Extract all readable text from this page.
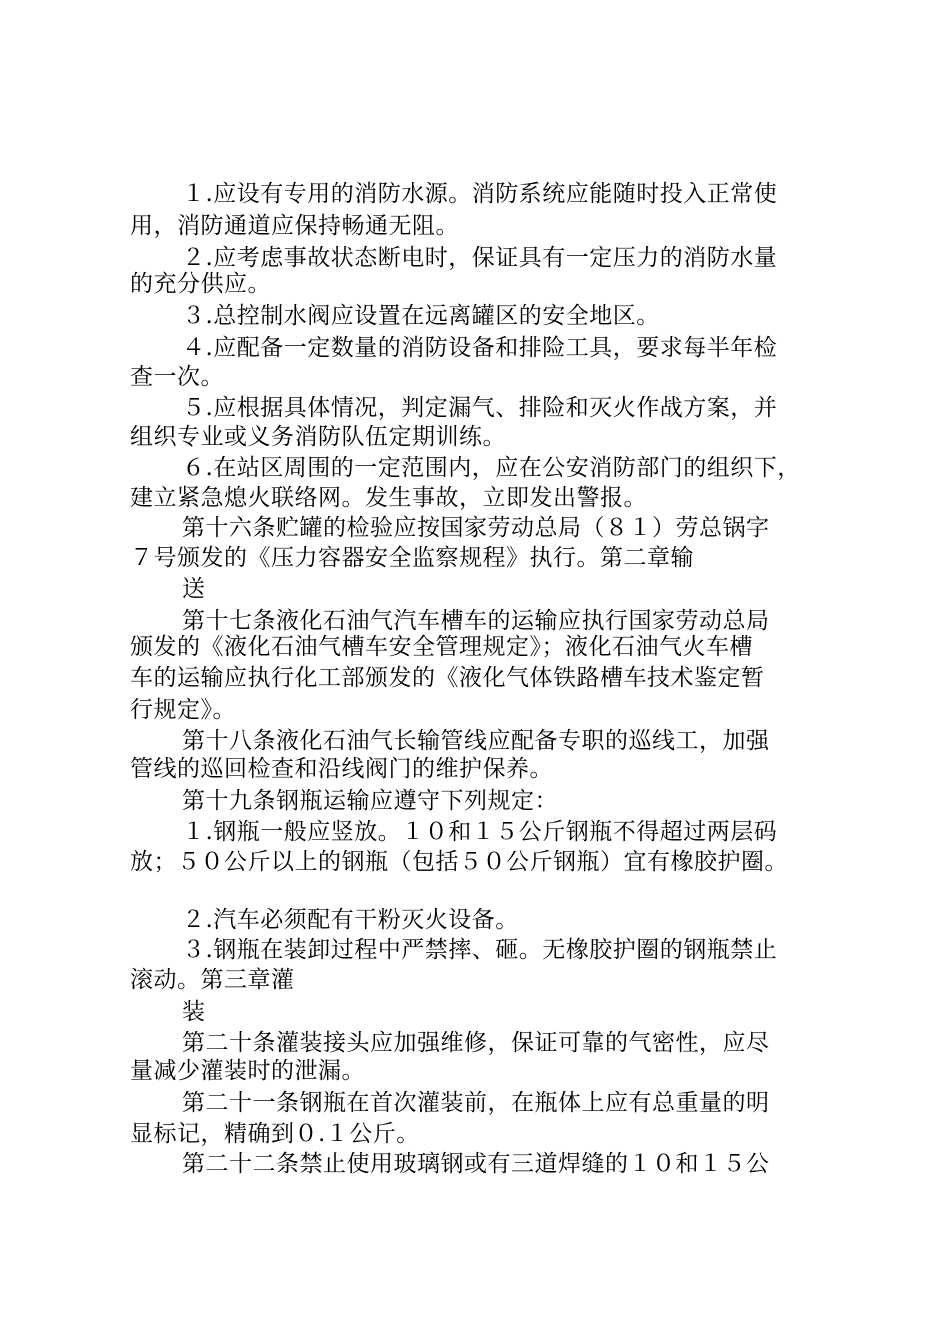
１.应设有专用的消防水源。消防系统应能随时投入正常使
用，消防通道应保持畅通无阻。
２.应考虑事故状态断电时，保证具有一定压力的消防水量
的充分供应。
３.总控制水阀应设置在远离罐区的安全地区。
４.应配备一定数量的消防设备和排险工具，要求每半年检
查一次。
５.应根据具体情况，判定漏气、排险和灭火作战方案，并
组织专业或义务消防队伍定期训练。
６.在站区周围的一定范围内，应在公安消防部门的组织下，
建立紧急熄火联络网。发生事故，立即发出警报。
第十六条贮罐的检验应按国家劳动总局（８１）劳总锅字
７号颁发的《压力容器安全监察规程》执行。第二章输
送
第十七条液化石油气汽车槽车的运输应执行国家劳动总局
颁发的《液化石油气槽车安全管理规定》；液化石油气火车槽
车的运输应执行化工部颁发的《液化气体铁路槽车技术鉴定暂
行规定》。
第十八条液化石油气长输管线应配备专职的巡线工，加强
管线的巡回检查和沿线阀门的维护保养。
第十九条钢瓶运输应遵守下列规定：
１.钢瓶一般应竖放。１０和１５公斤钢瓶不得超过两层码
放；５０公斤以上的钢瓶（包括５０公斤钢瓶）宜有橡胶护圈。
２.汽车必须配有干粉灭火设备。
３.钢瓶在装卸过程中严禁摔、砸。无橡胶护圈的钢瓶禁止
滚动。第三章灌
装
第二十条灌装接头应加强维修，保证可靠的气密性，应尽
量减少灌装时的泄漏。
第二十一条钢瓶在首次灌装前，在瓶体上应有总重量的明
显标记，精确到０.１公斤。
第二十二条禁止使用玻璃钢或有三道焊缝的１０和１５公
